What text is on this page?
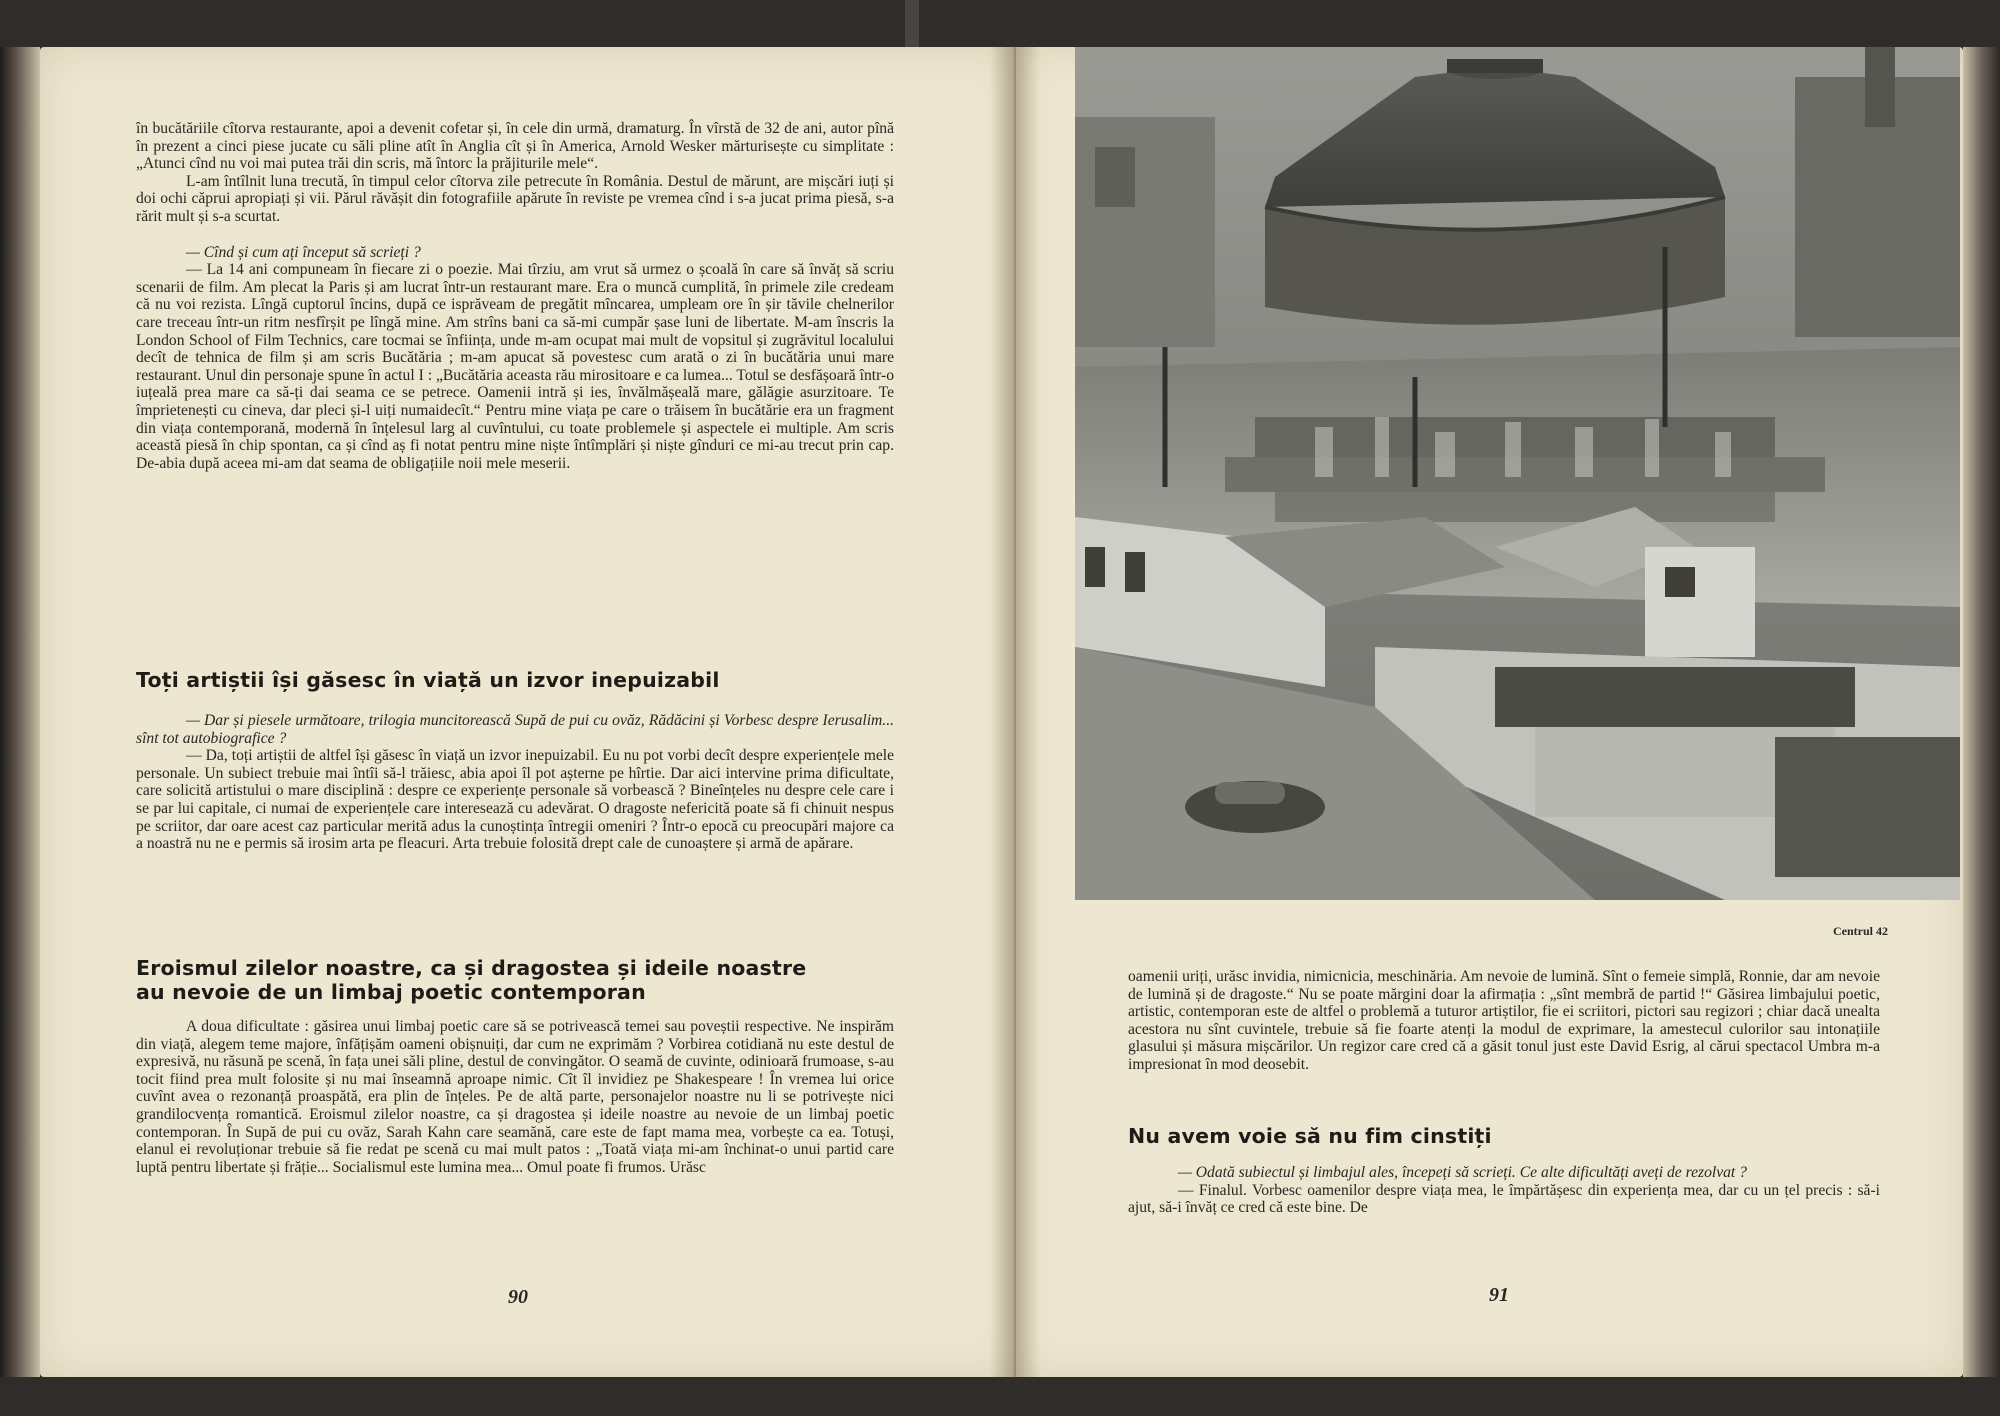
în bucătăriile cîtorva restaurante, apoi a devenit cofetar și, în cele din urmă, dramaturg. În vîrstă de 32 de ani, autor pînă în prezent a cinci piese jucate cu săli pline atît în Anglia cît și în America, Arnold Wesker mărturisește cu simplitate : „Atunci cînd nu voi mai putea trăi din scris, mă întorc la prăjiturile mele“.

L-am întîlnit luna trecută, în timpul celor cîtorva zile petrecute în România. Destul de mărunt, are mișcări iuți și doi ochi căprui apropiați și vii. Părul răvășit din fotografiile apărute în reviste pe vremea cînd i s-a jucat prima piesă, s-a rărit mult și s-a scurtat.

— Cînd și cum ați început să scrieți ?

— La 14 ani compuneam în fiecare zi o poezie. Mai tîrziu, am vrut să urmez o școală în care să învăț să scriu scenarii de film. Am plecat la Paris și am lucrat într-un restaurant mare. Era o muncă cumplită, în primele zile credeam că nu voi rezista. Lîngă cuptorul încins, după ce isprăveam de pregătit mîncarea, umpleam ore în șir tăvile chelnerilor care treceau într-un ritm nesfîrșit pe lîngă mine. Am strîns bani ca să-mi cumpăr șase luni de libertate. M-am înscris la London School of Film Technics, care tocmai se înființa, unde m-am ocupat mai mult de vopsitul și zugrăvitul localului decît de tehnica de film și am scris Bucătăria ; m-am apucat să povestesc cum arată o zi în bucătăria unui mare restaurant. Unul din personaje spune în actul I : „Bucătăria aceasta rău mirositoare e ca lumea... Totul se desfășoară într-o iuțeală prea mare ca să-ți dai seama ce se petrece. Oamenii intră și ies, învălmășeală mare, gălăgie asurzitoare. Te împrietenești cu cineva, dar pleci și-l uiți numaidecît.“ Pentru mine viața pe care o trăisem în bucătărie era un fragment din viața contemporană, modernă în înțelesul larg al cuvîntului, cu toate problemele și aspectele ei multiple. Am scris această piesă în chip spontan, ca și cînd aș fi notat pentru mine niște întîmplări și niște gînduri ce mi-au trecut prin cap. De-abia după aceea mi-am dat seama de obligațiile noii mele meserii.

Toți artiștii își găsesc în viață un izvor inepuizabil

— Dar și piesele următoare, trilogia muncitorească Supă de pui cu ovăz, Rădăcini și Vorbesc despre Ierusalim... sînt tot autobiografice ?

— Da, toți artiștii de altfel își găsesc în viață un izvor inepuizabil. Eu nu pot vorbi decît despre experiențele mele personale. Un subiect trebuie mai întîi să-l trăiesc, abia apoi îl pot așterne pe hîrtie. Dar aici intervine prima dificultate, care solicită artistului o mare disciplină : despre ce experiențe personale să vorbească ? Bineînțeles nu despre cele care i se par lui capitale, ci numai de experiențele care interesează cu adevărat. O dragoste nefericită poate să fi chinuit nespus pe scriitor, dar oare acest caz particular merită adus la cunoștința întregii omeniri ? Într-o epocă cu preocupări majore ca a noastră nu ne e permis să irosim arta pe fleacuri. Arta trebuie folosită drept cale de cunoaștere și armă de apărare.

Eroismul zilelor noastre, ca și dragostea și ideile noastre
au nevoie de un limbaj poetic contemporan

A doua dificultate : găsirea unui limbaj poetic care să se potrivească temei sau poveștii respective. Ne inspirăm din viață, alegem teme majore, înfățișăm oameni obișnuiți, dar cum ne exprimăm ? Vorbirea cotidiană nu este destul de expresivă, nu răsună pe scenă, în fața unei săli pline, destul de convingător. O seamă de cuvinte, odinioară frumoase, s-au tocit fiind prea mult folosite și nu mai înseamnă aproape nimic. Cît îl invidiez pe Shakespeare ! În vremea lui orice cuvînt avea o rezonanță proaspătă, era plin de înțeles. Pe de altă parte, personajelor noastre nu li se potrivește nici grandilocvența romantică. Eroismul zilelor noastre, ca și dragostea și ideile noastre au nevoie de un limbaj poetic contemporan. În Supă de pui cu ovăz, Sarah Kahn care seamănă, care este de fapt mama mea, vorbește ca ea. Totuși, elanul ei revoluționar trebuie să fie redat pe scenă cu mai mult patos : „Toată viața mi-am închinat-o unui partid care luptă pentru libertate și frăție... Socialismul este lumina mea... Omul poate fi frumos. Urăsc

90
Centrul 42

oamenii uriți, urăsc invidia, nimicnicia, meschinăria. Am nevoie de lumină. Sînt o femeie simplă, Ronnie, dar am nevoie de lumină și de dragoste.“ Nu se poate mărgini doar la afirmația : „sînt membră de partid !“ Găsirea limbajului poetic, artistic, contemporan este de altfel o problemă a tuturor artiștilor, fie ei scriitori, pictori sau regizori ; chiar dacă unealta acestora nu sînt cuvintele, trebuie să fie foarte atenți la modul de exprimare, la amestecul culorilor sau intonațiile glasului și măsura mișcărilor. Un regizor care cred că a găsit tonul just este David Esrig, al cărui spectacol Umbra m-a impresionat în mod deosebit.

Nu avem voie să nu fim cinstiți

— Odată subiectul și limbajul ales, începeți să scrieți. Ce alte dificultăți aveți de rezolvat ?

— Finalul. Vorbesc oamenilor despre viața mea, le împărtășesc din experiența mea, dar cu un țel precis : să-i ajut, să-i învăț ce cred că este bine. De

91
